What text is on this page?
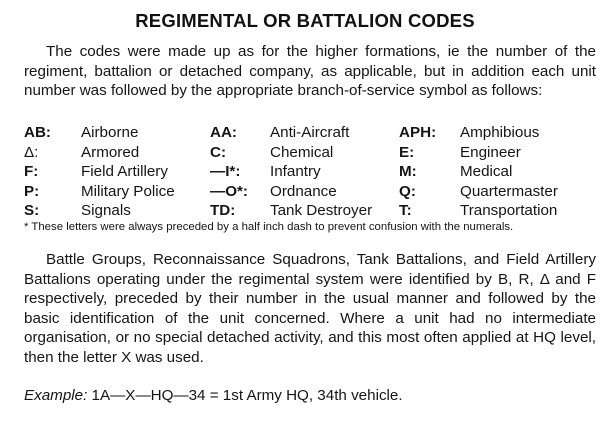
REGIMENTAL OR BATTALION CODES
The codes were made up as for the higher formations, ie the number of the regiment, battalion or detached company, as applicable, but in addition each unit number was followed by the appropriate branch-of-service symbol as follows:
AB: Airborne	AA: Anti-Aircraft	APH: Amphibious
Δ:	Armored	C:	Chemical	E:	Engineer
F:	Field Artillery	—I*: Infantry	M:	Medical
P:	Military Police —O*: Ordnance	Q:	Quartermaster
S:	Signals	TD: Tank Destroyer T:	Transportation
* These letters were always preceded by a half inch dash to prevent confusion with the numerals.
Battle Groups, Reconnaissance Squadrons, Tank Battalions, and Field Artillery Battalions operating under the regimental system were identified by B, R, Δ and F respectively, preceded by their number in the usual manner and followed by the basic identification of the unit concerned. Where a unit had no intermediate organisation, or no special detached activity, and this most often applied at HQ level, then the letter X was used.
Example: 1A—X—HQ—34 = 1st Army HQ, 34th vehicle.
